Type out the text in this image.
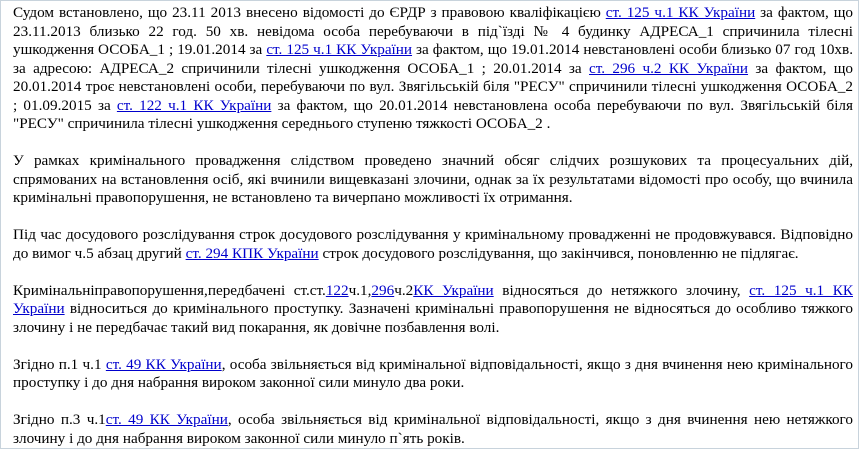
Судом встановлено, що 23.11 2013 внесено відомості до ЄРДР з правовою кваліфікацією ст. 125 ч.1 КК України за фактом, що 23.11.2013 близько 22 год. 50 хв. невідома особа перебуваючи в під`їзді № 4 будинку АДРЕСА_1 спричинила тілесні ушкодження ОСОБА_1 ; 19.01.2014 за ст. 125 ч.1 КК України за фактом, що 19.01.2014 невстановлені особи близько 07 год 10хв. за адресою: АДРЕСА_2 спричинили тілесні ушкодження ОСОБА_1 ; 20.01.2014 за ст. 296 ч.2 КК України за фактом, що 20.01.2014 троє невстановлені особи, перебуваючи по вул. Звягільській біля "РЕСУ" спричинили тілесні ушкодження ОСОБА_2 ; 01.09.2015 за ст. 122 ч.1 КК України за фактом, що 20.01.2014 невстановлена особа перебуваючи по вул. Звягільській біля "РЕСУ" спричинила тілесні ушкодження середнього ступеню тяжкості ОСОБА_2 .

У рамках кримінального провадження слідством проведено значний обсяг слідчих розшукових та процесуальних дій, спрямованих на встановлення осіб, які вчинили вищевказані злочини, однак за їх результатами відомості про особу, що вчинила кримінальні правопорушення, не встановлено та вичерпано можливості їх отримання.

Під час досудового розслідування строк досудового розслідування у кримінальному провадженні не продовжувався. Відповідно до вимог ч.5 абзац другий ст. 294 КПК України строк досудового розслідування, що закінчився, поновленню не підлягає.

Кримінальніправопорушення,передбачені ст.ст.122ч.1,296ч.2КК України відносяться до нетяжкого злочину, ст. 125 ч.1 КК України відноситься до кримінального проступку. Зазначені кримінальні правопорушення не відносяться до особливо тяжкого злочину і не передбачає такий вид покарання, як довічне позбавлення волі.

Згідно п.1 ч.1 ст. 49 КК України, особа звільняється від кримінальної відповідальності, якщо з дня вчинення нею кримінального проступку і до дня набрання вироком законної сили минуло два роки.

Згідно п.3 ч.1ст. 49 КК України, особа звільняється від кримінальної відповідальності, якщо з дня вчинення нею нетяжкого злочину і до дня набрання вироком законної сили минуло п`ять років.
